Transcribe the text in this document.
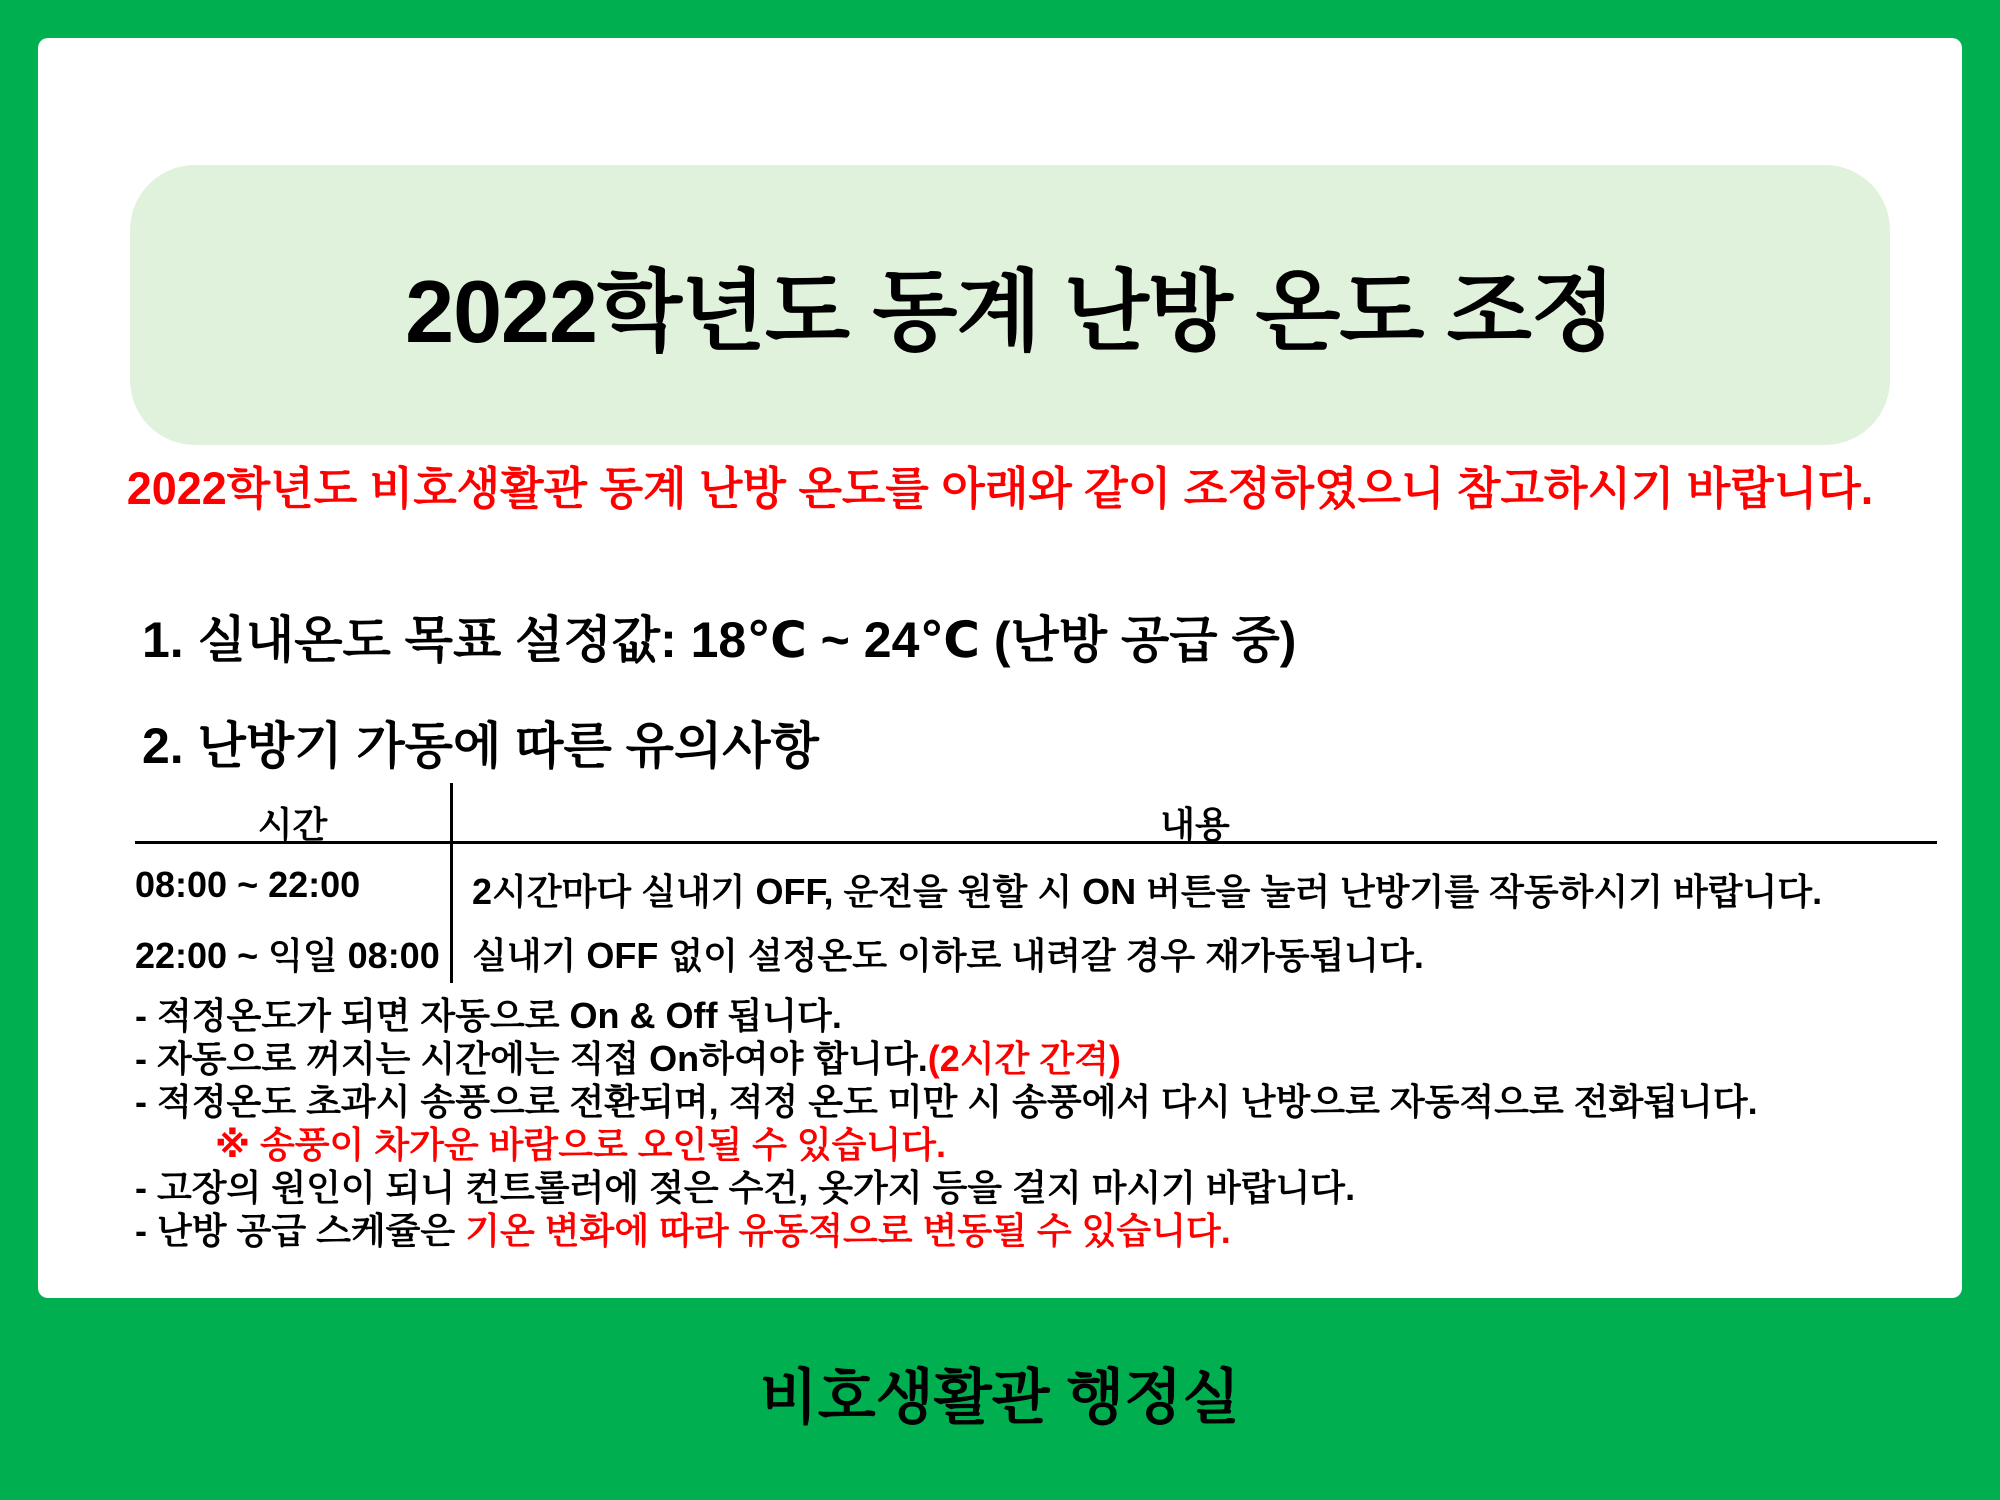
2022학년도 동계 난방 온도 조정
2022학년도 비호생활관 동계 난방 온도를 아래와 같이 조정하였으니 참고하시기 바랍니다.
1. 실내온도 목표 설정값: 18℃ ~ 24℃ (난방 공급 중)
2. 난방기 가동에 따른 유의사항
시간	내용
08:00 ~ 22:00	2시간마다 실내기 OFF, 운전을 원할 시 ON 버튼을 눌러 난방기를 작동하시기 바랍니다.
22:00 ~ 익일 08:00 실내기 OFF 없이 설정온도 이하로 내려갈 경우 재가동됩니다.
- 적정온도가 되면 자동으로 On & Off 됩니다.
- 자동으로 꺼지는 시간에는 직접 On하여야 합니다.(2시간 간격)
- 적정온도 초과시 송풍으로 전환되며, 적정 온도 미만 시 송풍에서 다시 난방으로 자동적으로 전화됩니다.
※ 송풍이 차가운 바람으로 오인될 수 있습니다.
- 고장의 원인이 되니 컨트롤러에 젖은 수건, 옷가지 등을 걸지 마시기 바랍니다.
- 난방 공급 스케쥴은 기온 변화에 따라 유동적으로 변동될 수 있습니다.
비호생활관 행정실
